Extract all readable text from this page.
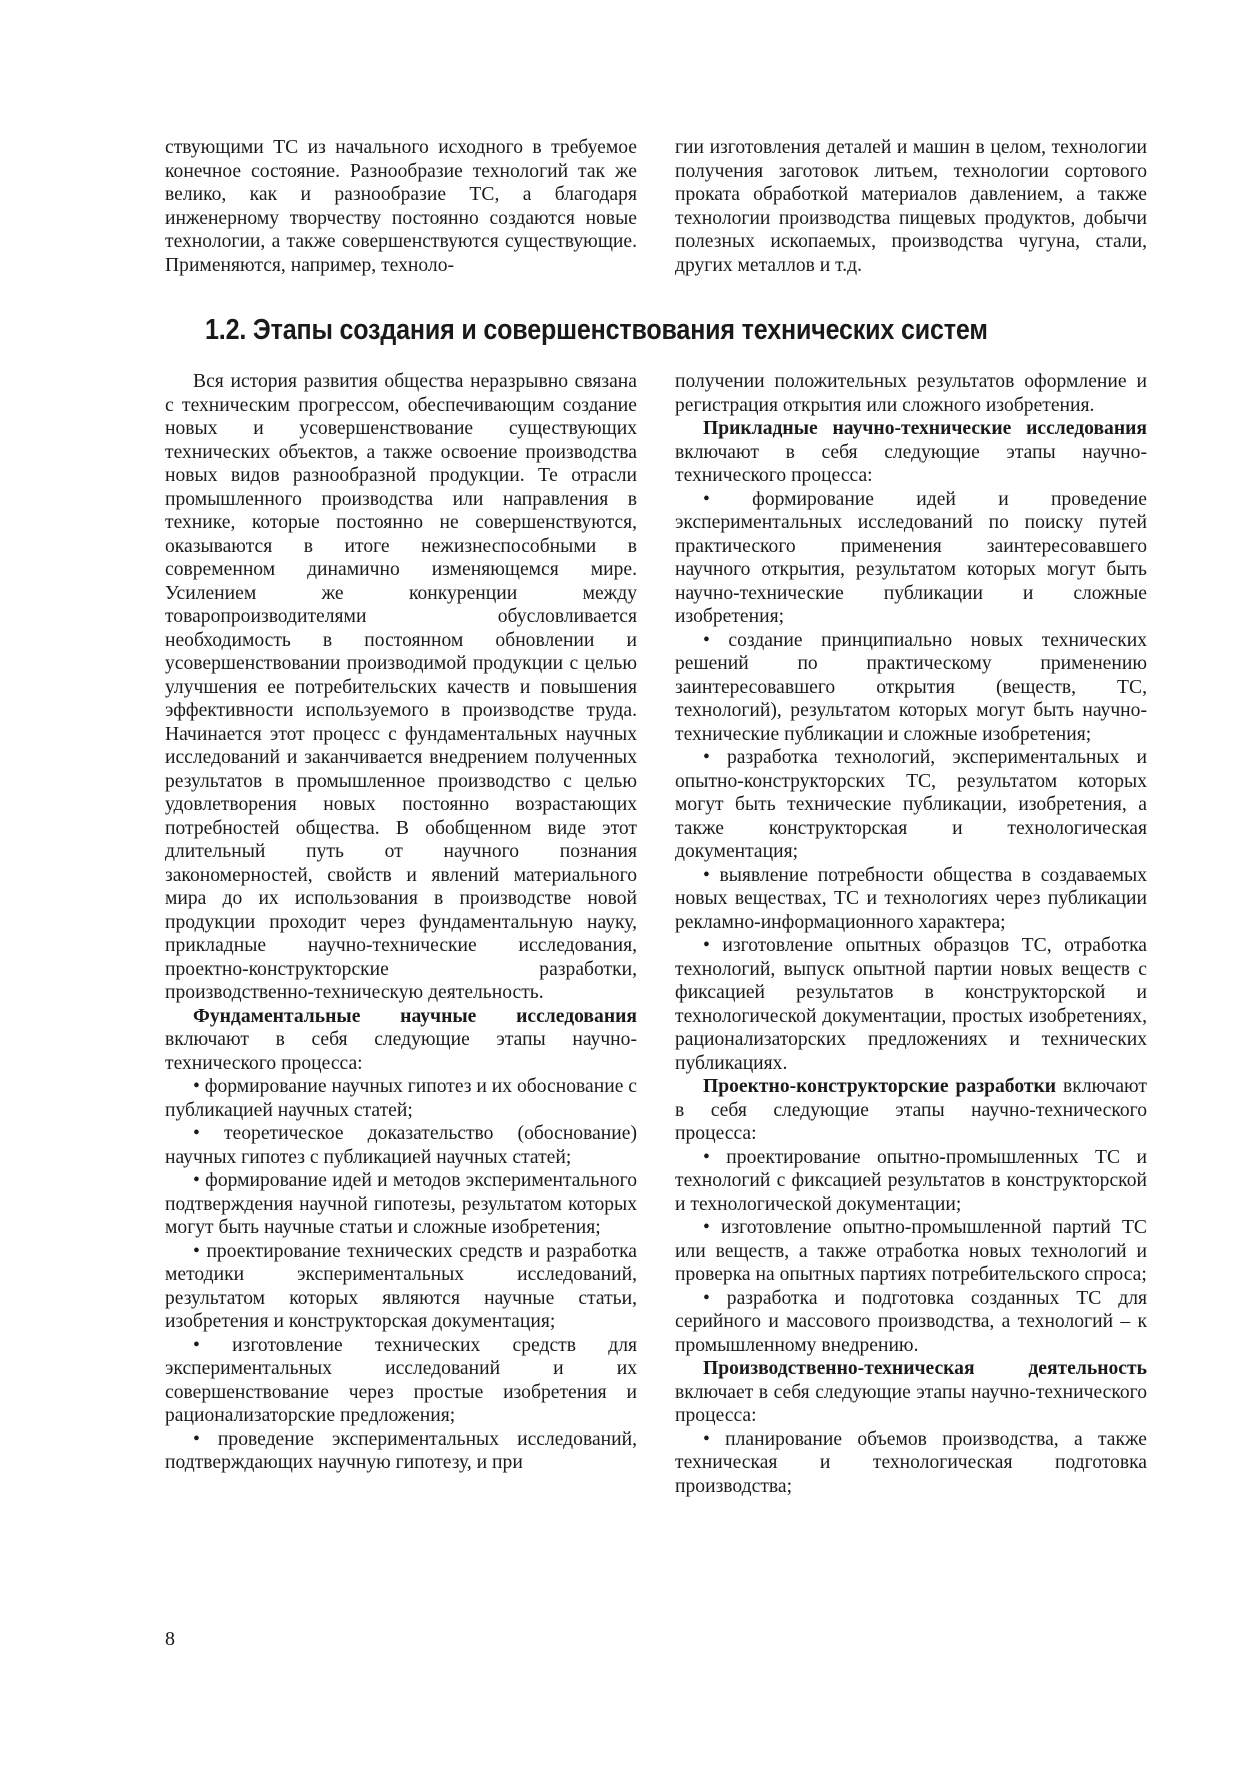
ствующими ТС из начального исходного в требуемое конечное состояние. Разнообразие технологий так же велико, как и разнообразие ТС, а благодаря инженерному творчеству постоянно создаются новые технологии, а также совершенствуются существующие. Применяются, например, техноло-

гии изготовления деталей и машин в целом, технологии получения заготовок литьем, технологии сортового проката обработкой материалов давлением, а также технологии производства пищевых продуктов, добычи полезных ископаемых, производства чугуна, стали, других металлов и т.д.

1.2. Этапы создания и совершенствования технических систем

Вся история развития общества неразрывно связана с техническим прогрессом, обеспечивающим создание новых и усовершенствование существующих технических объектов, а также освоение производства новых видов разнообразной продукции. Те отрасли промышленного производства или направления в технике, которые постоянно не совершенствуются, оказываются в итоге нежизнеспособными в современном динамично изменяющемся мире. Усилением же конкуренции между товаропроизводителями обусловливается необходимость в постоянном обновлении и усовершенствовании производимой продукции с целью улучшения ее потребительских качеств и повышения эффективности используемого в производстве труда. Начинается этот процесс с фундаментальных научных исследований и заканчивается внедрением полученных результатов в промышленное производство с целью удовлетворения новых постоянно возрастающих потребностей общества. В обобщенном виде этот длительный путь от научного познания закономерностей, свойств и явлений материального мира до их использования в производстве новой продукции проходит через фундаментальную науку, прикладные научно-технические исследования, проектно-конструкторские разработки, производственно-техническую деятельность.

Фундаментальные научные исследования включают в себя следующие этапы научно-технического процесса:

• формирование научных гипотез и их обоснование с публикацией научных статей;

• теоретическое доказательство (обоснование) научных гипотез с публикацией научных статей;

• формирование идей и методов экспериментального подтверждения научной гипотезы, результатом которых могут быть научные статьи и сложные изобретения;

• проектирование технических средств и разработка методики экспериментальных исследований, результатом которых являются научные статьи, изобретения и конструкторская документация;

• изготовление технических средств для экспериментальных исследований и их совершенствование через простые изобретения и рационализаторские предложения;

• проведение экспериментальных исследований, подтверждающих научную гипотезу, и при

получении положительных результатов оформление и регистрация открытия или сложного изобретения.

Прикладные научно-технические исследования включают в себя следующие этапы научно-технического процесса:

• формирование идей и проведение экспериментальных исследований по поиску путей практического применения заинтересовавшего научного открытия, результатом которых могут быть научно-технические публикации и сложные изобретения;

• создание принципиально новых технических решений по практическому применению заинтересовавшего открытия (веществ, ТС, технологий), результатом которых могут быть научно-технические публикации и сложные изобретения;

• разработка технологий, экспериментальных и опытно-конструкторских ТС, результатом которых могут быть технические публикации, изобретения, а также конструкторская и технологическая документация;

• выявление потребности общества в создаваемых новых веществах, ТС и технологиях через публикации рекламно-информационного характера;

• изготовление опытных образцов ТС, отработка технологий, выпуск опытной партии новых веществ с фиксацией результатов в конструкторской и технологической документации, простых изобретениях, рационализаторских предложениях и технических публикациях.

Проектно-конструкторские разработки включают в себя следующие этапы научно-технического процесса:

• проектирование опытно-промышленных ТС и технологий с фиксацией результатов в конструкторской и технологической документации;

• изготовление опытно-промышленной партий ТС или веществ, а также отработка новых технологий и проверка на опытных партиях потребительского спроса;

• разработка и подготовка созданных ТС для серийного и массового производства, а технологий – к промышленному внедрению.

Производственно-техническая деятельность включает в себя следующие этапы научно-технического процесса:

• планирование объемов производства, а также техническая и технологическая подготовка производства;

8
